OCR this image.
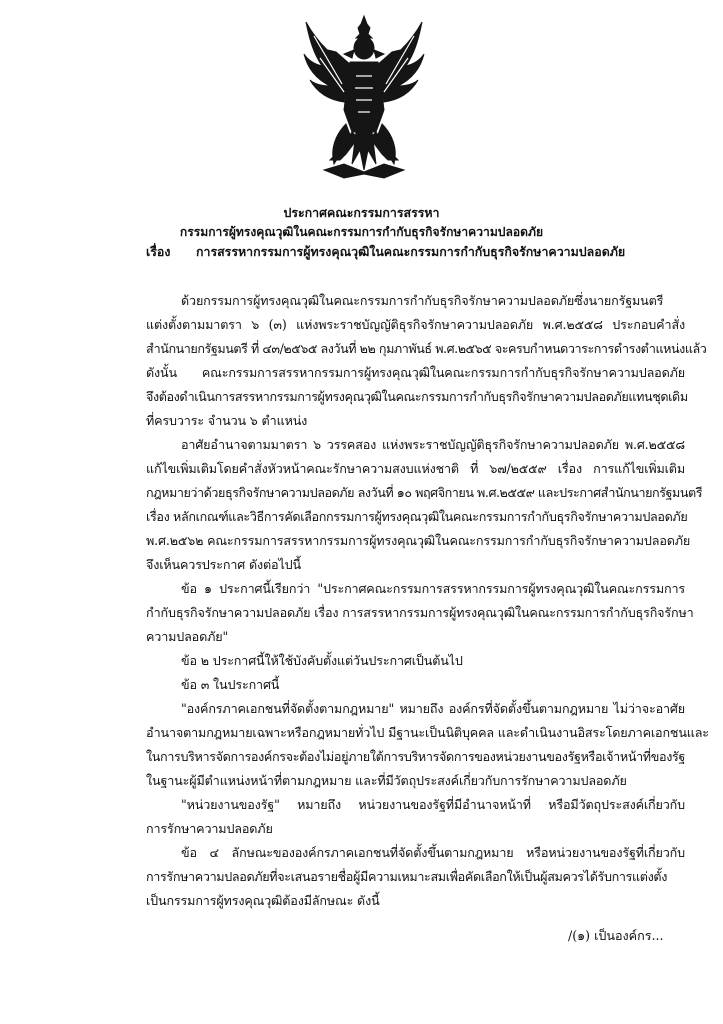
ประกาศคณะกรรมการสรรหา
กรรมการผู้ทรงคุณวุฒิในคณะกรรมการกำกับธุรกิจรักษาความปลอดภัย
เรื่อง การสรรหากรรมการผู้ทรงคุณวุฒิในคณะกรรมการกำกับธุรกิจรักษาความปลอดภัย
ด้วยกรรมการผู้ทรงคุณวุฒิในคณะกรรมการกำกับธุรกิจรักษาความปลอดภัยซึ่งนายกรัฐมนตรี
แต่งตั้งตามมาตรา ๖ (๓) แห่งพระราชบัญญัติธุรกิจรักษาความปลอดภัย พ.ศ.๒๕๕๘ ประกอบคำสั่ง
สำนักนายกรัฐมนตรี ที่ ๔๓/๒๕๖๕ ลงวันที่ ๒๒ กุมภาพันธ์ พ.ศ.๒๕๖๕ จะครบกำหนดวาระการดำรงตำแหน่งแล้ว
ดังนั้น คณะกรรมการสรรหากรรมการผู้ทรงคุณวุฒิในคณะกรรมการกำกับธุรกิจรักษาความปลอดภัย
จึงต้องดำเนินการสรรหากรรมการผู้ทรงคุณวุฒิในคณะกรรมการกำกับธุรกิจรักษาความปลอดภัยแทนชุดเดิม
ที่ครบวาระ จำนวน ๖ ตำแหน่ง
อาศัยอำนาจตามมาตรา ๖ วรรคสอง แห่งพระราชบัญญัติธุรกิจรักษาความปลอดภัย พ.ศ.๒๕๕๘
แก้ไขเพิ่มเติมโดยคำสั่งหัวหน้าคณะรักษาความสงบแห่งชาติ ที่ ๖๗/๒๕๕๙ เรื่อง การแก้ไขเพิ่มเติม
กฎหมายว่าด้วยธุรกิจรักษาความปลอดภัย ลงวันที่ ๑๐ พฤศจิกายน พ.ศ.๒๕๕๙ และประกาศสำนักนายกรัฐมนตรี
เรื่อง หลักเกณฑ์และวิธีการคัดเลือกกรรมการผู้ทรงคุณวุฒิในคณะกรรมการกำกับธุรกิจรักษาความปลอดภัย
พ.ศ.๒๕๖๒ คณะกรรมการสรรหากรรมการผู้ทรงคุณวุฒิในคณะกรรมการกำกับธุรกิจรักษาความปลอดภัย
จึงเห็นควรประกาศ ดังต่อไปนี้
ข้อ ๑ ประกาศนี้เรียกว่า "ประกาศคณะกรรมการสรรหากรรมการผู้ทรงคุณวุฒิในคณะกรรมการ
กำกับธุรกิจรักษาความปลอดภัย เรื่อง การสรรหากรรมการผู้ทรงคุณวุฒิในคณะกรรมการกำกับธุรกิจรักษา
ความปลอดภัย"
ข้อ ๒ ประกาศนี้ให้ใช้บังคับตั้งแต่วันประกาศเป็นต้นไป
ข้อ ๓ ในประกาศนี้
"องค์กรภาคเอกชนที่จัดตั้งตามกฎหมาย" หมายถึง องค์กรที่จัดตั้งขึ้นตามกฎหมาย ไม่ว่าจะอาศัย
อำนาจตามกฎหมายเฉพาะหรือกฎหมายทั่วไป มีฐานะเป็นนิติบุคคล และดำเนินงานอิสระโดยภาคเอกชนและ
ในการบริหารจัดการองค์กรจะต้องไม่อยู่ภายใต้การบริหารจัดการของหน่วยงานของรัฐหรือเจ้าหน้าที่ของรัฐ
ในฐานะผู้มีตำแหน่งหน้าที่ตามกฎหมาย และที่มีวัตถุประสงค์เกี่ยวกับการรักษาความปลอดภัย
"หน่วยงานของรัฐ" หมายถึง หน่วยงานของรัฐที่มีอำนาจหน้าที่ หรือมีวัตถุประสงค์เกี่ยวกับ
การรักษาความปลอดภัย
ข้อ ๔ ลักษณะขององค์กรภาคเอกชนที่จัดตั้งขึ้นตามกฎหมาย หรือหน่วยงานของรัฐที่เกี่ยวกับ
การรักษาความปลอดภัยที่จะเสนอรายชื่อผู้มีความเหมาะสมเพื่อคัดเลือกให้เป็นผู้สมควรได้รับการแต่งตั้ง
เป็นกรรมการผู้ทรงคุณวุฒิต้องมีลักษณะ ดังนี้
/(๑) เป็นองค์กร...
